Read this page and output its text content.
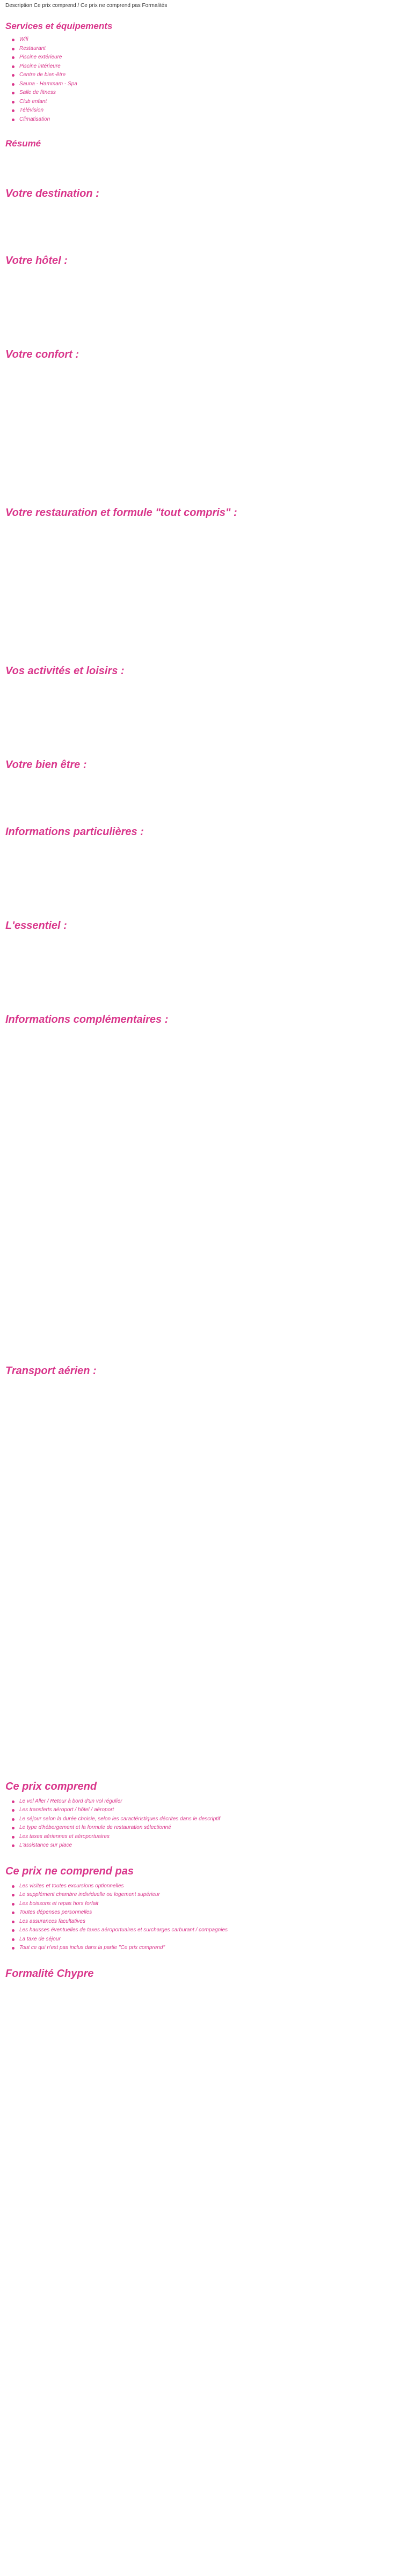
Description Ce prix comprend / Ce prix ne comprend pas Formalités

Services et équipements
Wifi
Restaurant
Piscine extérieure
Piscine intérieure
Centre de bien-être
Sauna - Hammam - Spa
Salle de fitness
Club enfant
Télévision
Climatisation
Résumé
Votre destination :
Votre hôtel :
Votre confort :
Votre restauration et formule "tout compris" :
Vos activités et loisirs :
Votre bien être :
Informations particulières :
L'essentiel :
Informations complémentaires :
Transport aérien :
Ce prix comprend
Le vol Aller / Retour à bord d'un vol régulier
Les transferts aéroport / hôtel / aéroport
Le séjour selon la durée choisie, selon les caractéristiques décrites dans le descriptif
Le type d'hébergement et la formule de restauration sélectionné
Les taxes aériennes et aéroportuaires
L'assistance sur place
Ce prix ne comprend pas
Les visites et toutes excursions optionnelles
Le supplément chambre individuelle ou logement supérieur
Les boissons et repas hors forfait
Toutes dépenses personnelles
Les assurances facultatives
Les hausses éventuelles de taxes aéroportuaires et surcharges carburant / compagnies
La taxe de séjour
Tout ce qui n'est pas inclus dans la partie "Ce prix comprend"
Formalité Chypre
